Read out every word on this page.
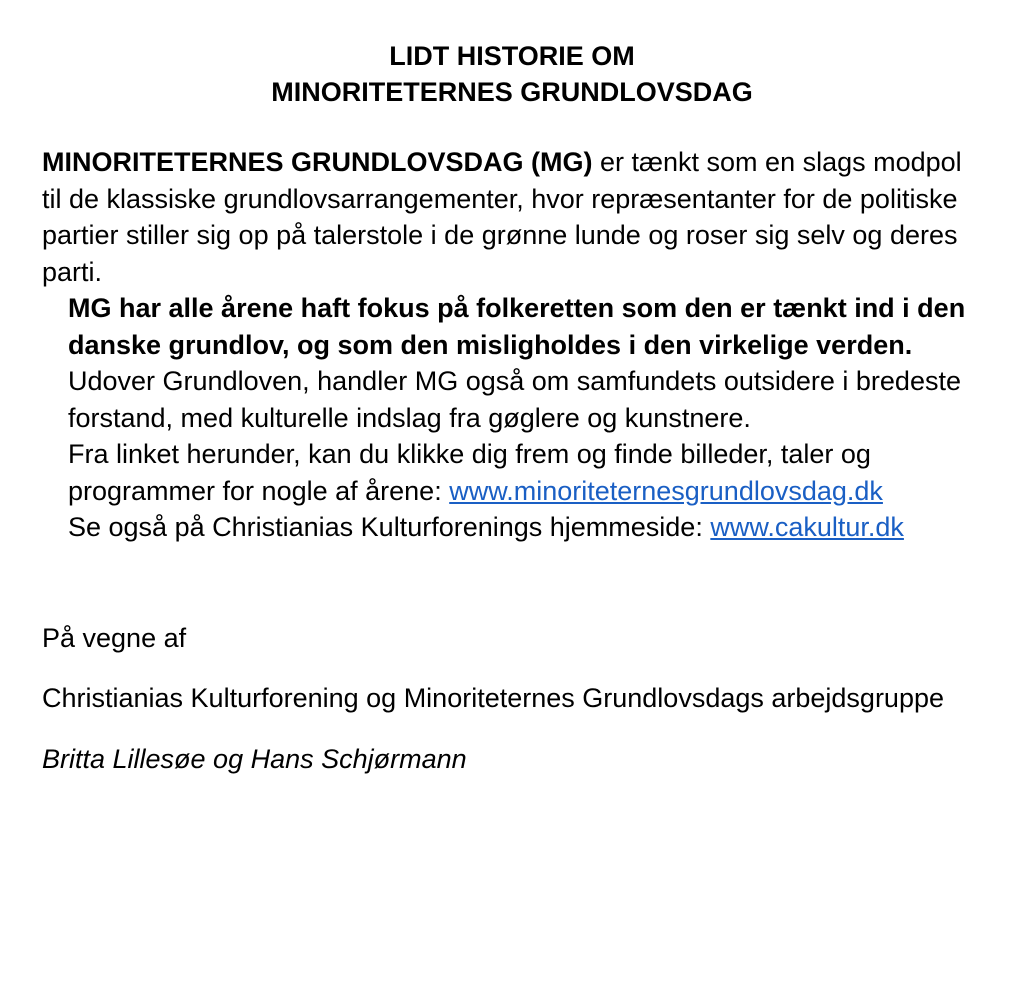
LIDT HISTORIE OM
MINORITETERNES GRUNDLOVSDAG

MINORITETERNES GRUNDLOVSDAG (MG) er tænkt som en slags modpol til de klassiske grundlovsarrangementer, hvor repræsentanter for de politiske partier stiller sig op på talerstole i de grønne lunde og roser sig selv og deres parti.

MG har alle årene haft fokus på folkeretten som den er tænkt ind i den danske grundlov, og som den misligholdes i den virkelige verden.

Udover Grundloven, handler MG også om samfundets outsidere i bredeste forstand, med kulturelle indslag fra gøglere og kunstnere.

Fra linket herunder, kan du klikke dig frem og finde billeder, taler og programmer for nogle af årene: www.minoriteternesgrundlovsdag.dk

Se også på Christianias Kulturforenings hjemmeside: www.cakultur.dk

På vegne af

Christianias Kulturforening og Minoriteternes Grundlovsdags arbejdsgruppe

Britta Lillesøe og Hans Schjørmann
